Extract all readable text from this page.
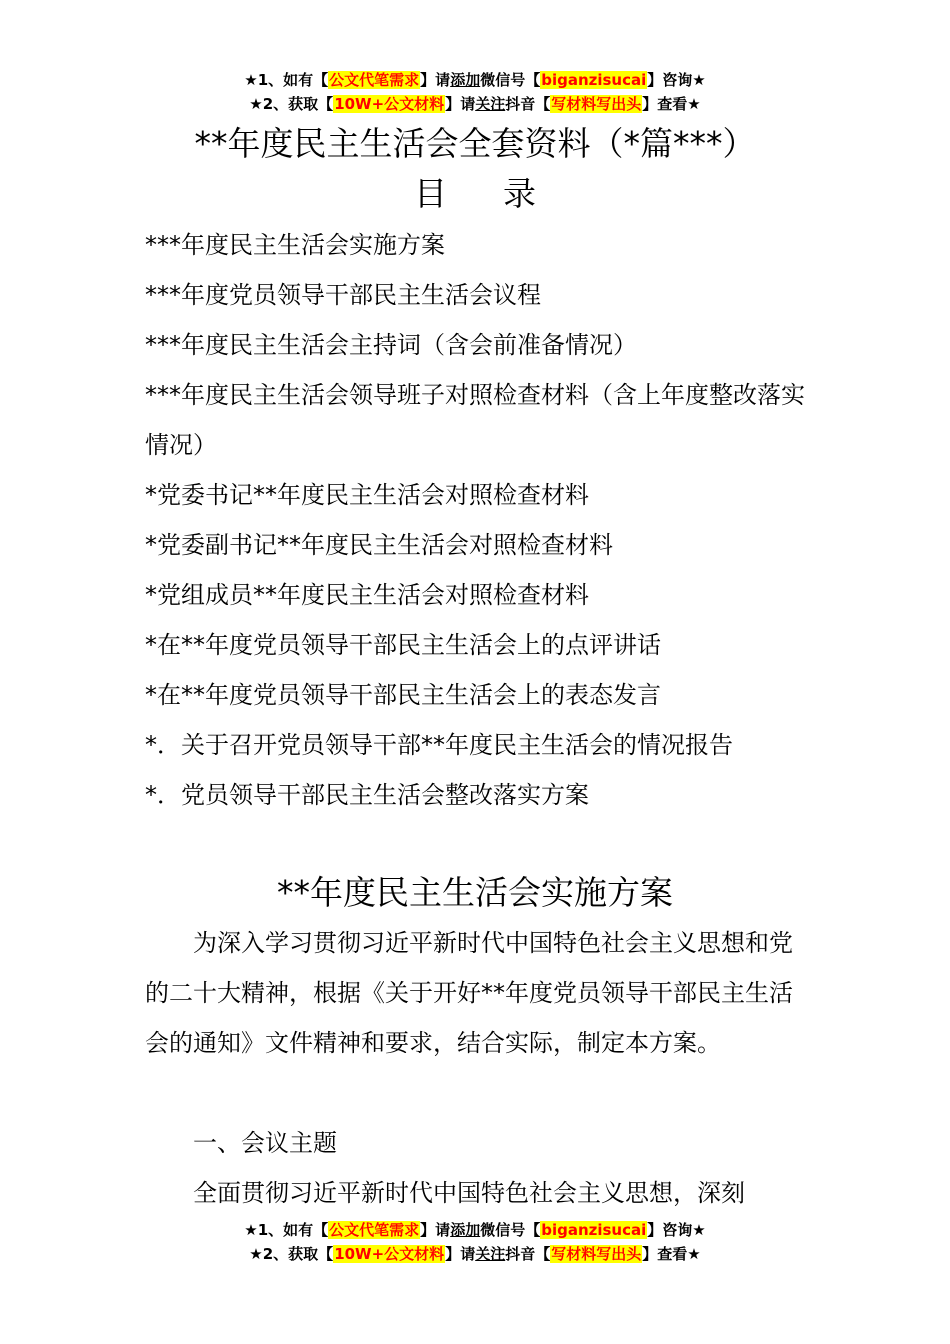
★1、如有【公文代笔需求】请添加微信号【biganzisucai】咨询★
★2、获取【10W+公文材料】请关注抖音【写材料写出头】查看★
**年度民主生活会全套资料（*篇***）
目录
***年度民主生活会实施方案
***年度党员领导干部民主生活会议程
***年度民主生活会主持词（含会前准备情况）
***年度民主生活会领导班子对照检查材料（含上年度整改落实情况）
*党委书记**年度民主生活会对照检查材料
*党委副书记**年度民主生活会对照检查材料
*党组成员**年度民主生活会对照检查材料
*在**年度党员领导干部民主生活会上的点评讲话
*在**年度党员领导干部民主生活会上的表态发言
*．关于召开党员领导干部**年度民主生活会的情况报告
*．党员领导干部民主生活会整改落实方案
**年度民主生活会实施方案

为深入学习贯彻习近平新时代中国特色社会主义思想和党的二十大精神，根据《关于开好**年度党员领导干部民主生活会的通知》文件精神和要求，结合实际，制定本方案。

一、会议主题

全面贯彻习近平新时代中国特色社会主义思想，深刻

★1、如有【公文代笔需求】请添加微信号【biganzisucai】咨询★
★2、获取【10W+公文材料】请关注抖音【写材料写出头】查看★
